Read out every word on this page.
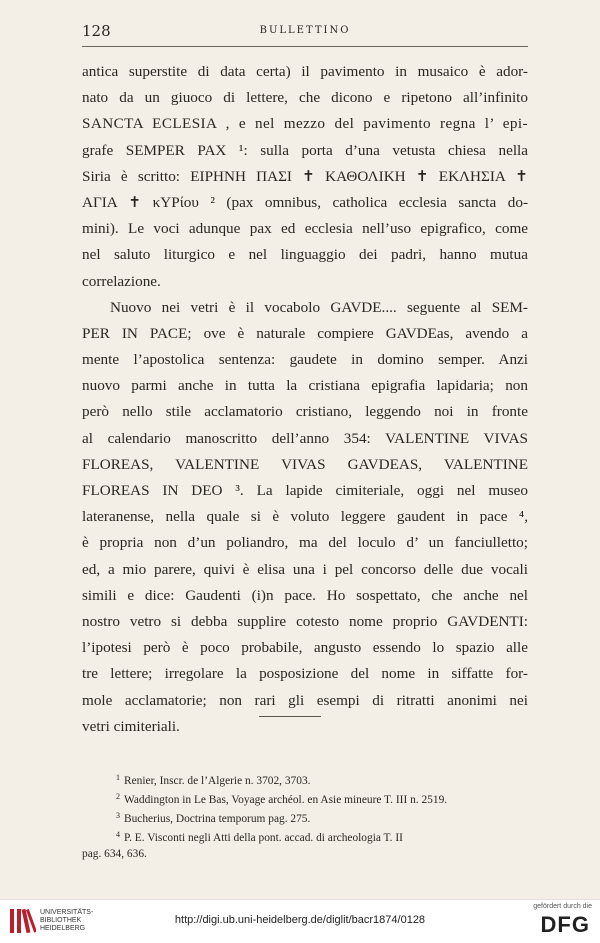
128	BULLETTINO
antica superstite di data certa) il pavimento in musaico è ador-
nato da un giuoco di lettere, che dicono e ripetono all’infinito
SANCTA ECLESIA , e nel mezzo del pavimento regna l’ epi-
grafe SEMPER PAX ¹: sulla porta d’una vetusta chiesa nella
Siria è scritto: ΕΙΡΗΝΗ ΠΑΣΙ ✝ ΚΑΘΟΛΙΚΗ ✝ ΕΚΛΗΣΙΑ ✝
ΑΓΙΑ ✝ κΥΡίου ² (pax omnibus, catholica ecclesia sancta do-
mini). Le voci adunque pax ed ecclesia nell’uso epigrafico, come
nel saluto liturgico e nel linguaggio dei padri, hanno mutua
correlazione.
Nuovo nei vetri è il vocabolo GAVDE.... seguente al SEM-
PER IN PACE; ove è naturale compiere GAVDEas, avendo a
mente l’apostolica sentenza: gaudete in domino semper. Anzi
nuovo parmi anche in tutta la cristiana epigrafia lapidaria; non
però nello stile acclamatorio cristiano, leggendo noi in fronte
al calendario manoscritto dell’anno 354: VALENTINE VIVAS
FLOREAS, VALENTINE VIVAS GAVDEAS, VALENTINE
FLOREAS IN DEO ³. La lapide cimiteriale, oggi nel museo
lateranense, nella quale si è voluto leggere gaudent in pace ⁴,
è propria non d’un poliandro, ma del loculo d’ un fanciulletto;
ed, a mio parere, quivi è elisa una i pel concorso delle due vocali
simili e dice: Gaudenti (i)n pace. Ho sospettato, che anche nel
nostro vetro si debba supplire cotesto nome proprio GAVDENTI:
l’ipotesi però è poco probabile, angusto essendo lo spazio alle
tre lettere; irregolare la posposizione del nome in siffatte for-
mole acclamatorie; non rari gli esempi di ritratti anonimi nei
vetri cimiteriali.
$^1$ Renier, Inscr. de l’Algerie n. 3702, 3703.
$^2$ Waddington in Le Bas, Voyage archéol. en Asie mineure T. III n. 2519.
$^3$ Bucherius, Doctrina temporum pag. 275.
$^4$ P. E. Visconti negli Atti della pont. accad. di archeologia T. II
pag. 634, 636.
UNIVERSITÄTS-
BIBLIOTHEK
HEIDELBERG
http://digi.ub.uni-heidelberg.de/diglit/bacr1874/0128
gefördert durch die
DFG
